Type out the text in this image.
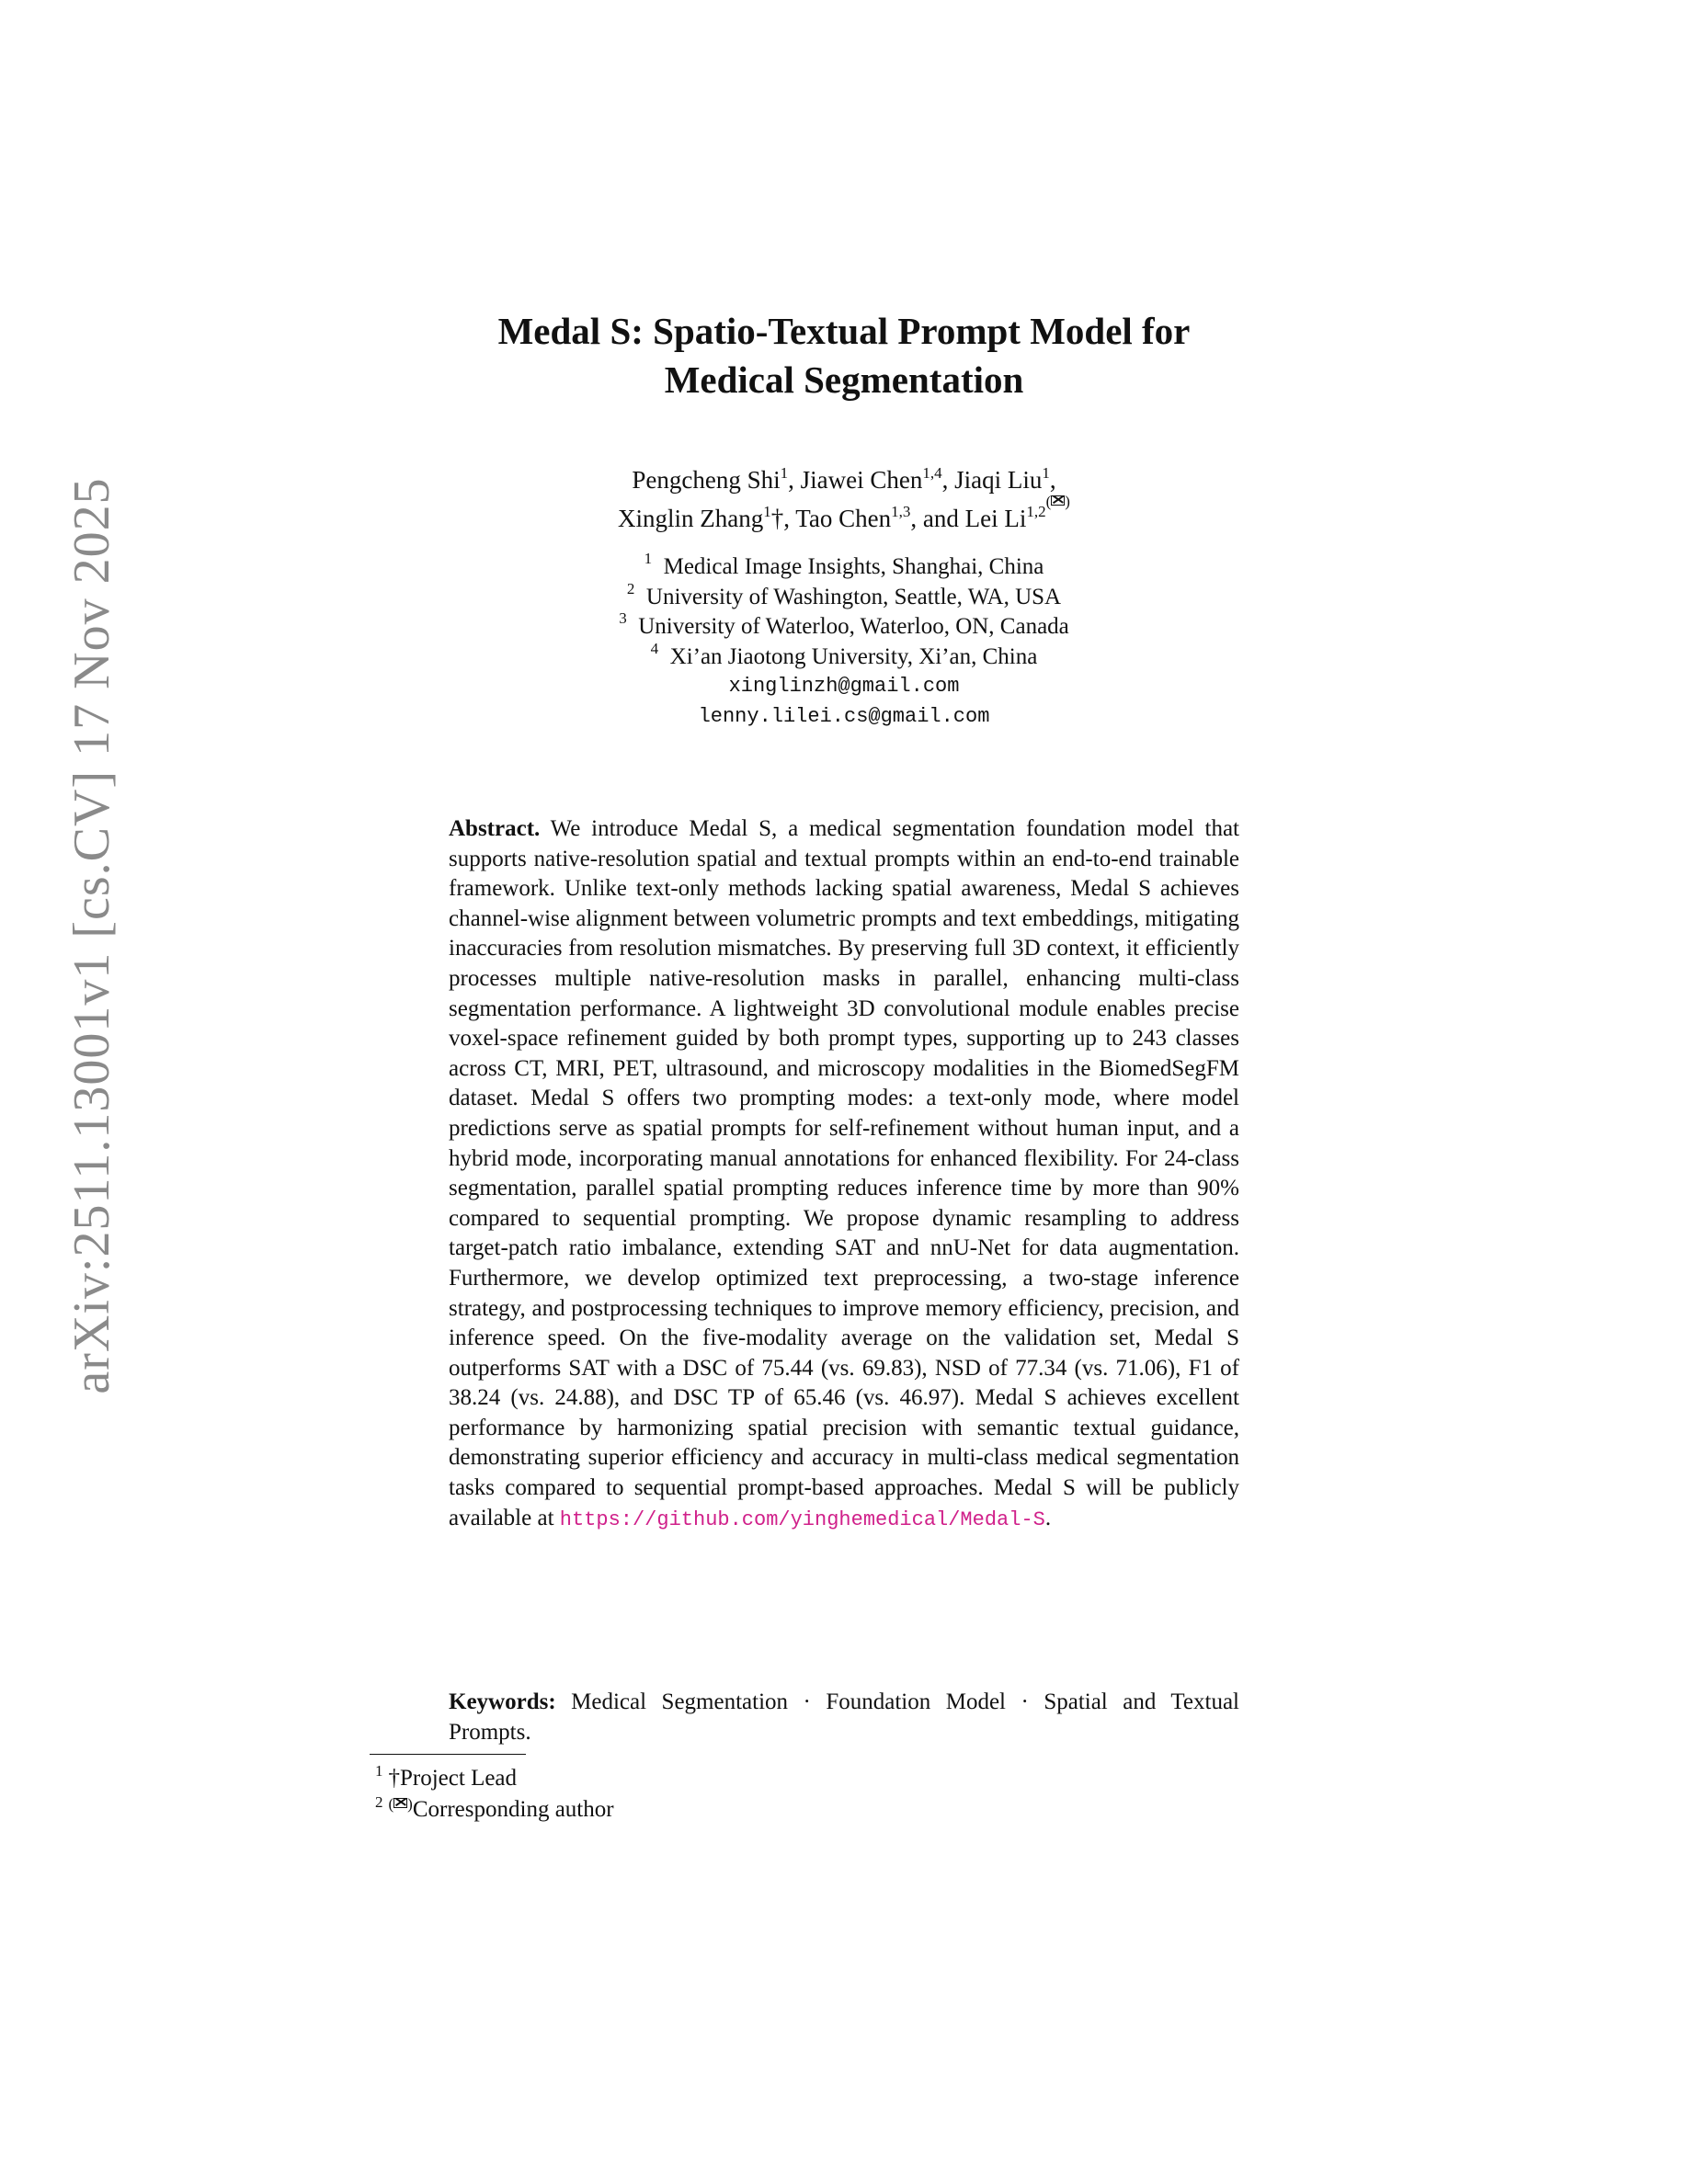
arXiv:2511.13001v1 [cs.CV] 17 Nov 2025
Medal S: Spatio-Textual Prompt Model for
Medical Segmentation
Pengcheng Shi$^1$, Jiawei Chen$^{1,4}$, Jiaqi Liu$^1$,
Xinglin Zhang$^1$†, Tao Chen$^{1,3}$, and Lei $Li^{1,2( )}$
$^1$ Medical Image Insights, Shanghai, China
$^2$ University of Washington, Seattle, WA, USA
$^3$ University of Waterloo, Waterloo, ON, Canada
$^4$ Xi’an Jiaotong University, Xi’an, China
xinglinzh@gmail.com
lenny.lilei.cs@gmail.com

Abstract. We introduce Medal S, a medical segmentation foundation model that supports native-resolution spatial and textual prompts within an end-to-end trainable framework. Unlike text-only methods lacking spatial awareness, Medal S achieves channel-wise alignment between volumetric prompts and text embeddings, mitigating inaccuracies from resolution mismatches. By preserving full 3D context, it efficiently processes multiple native-resolution masks in parallel, enhancing multi-class segmentation performance. A lightweight 3D convolutional module enables precise voxel-space refinement guided by both prompt types, supporting up to 243 classes across CT, MRI, PET, ultrasound, and microscopy modalities in the BiomedSegFM dataset. Medal S offers two prompting modes: a text-only mode, where model predictions serve as spatial prompts for self-refinement without human input, and a hybrid mode, incorporating manual annotations for enhanced flexibility. For 24-class segmentation, parallel spatial prompting reduces inference time by more than 90% compared to sequential prompting. We propose dynamic resampling to address target-patch ratio imbalance, extending SAT and nnU-Net for data augmentation. Furthermore, we develop optimized text preprocessing, a two-stage inference strategy, and postprocessing techniques to improve memory efficiency, precision, and inference speed. On the five-modality average on the validation set, Medal S outperforms SAT with a DSC of 75.44 (vs. 69.83), NSD of 77.34 (vs. 71.06), F1 of 38.24 (vs. 24.88), and DSC TP of 65.46 (vs. 46.97). Medal S achieves excellent performance by harmonizing spatial precision with semantic textual guidance, demonstrating superior efficiency and accuracy in multi-class medical segmentation tasks compared to sequential prompt-based approaches. Medal S will be publicly available at https://github.com/yinghemedical/Medal-S.

Keywords: Medical Segmentation · Foundation Model · Spatial and Textual Prompts.
$^1$ †Project Lead
$^2$ ( )Corresponding author
